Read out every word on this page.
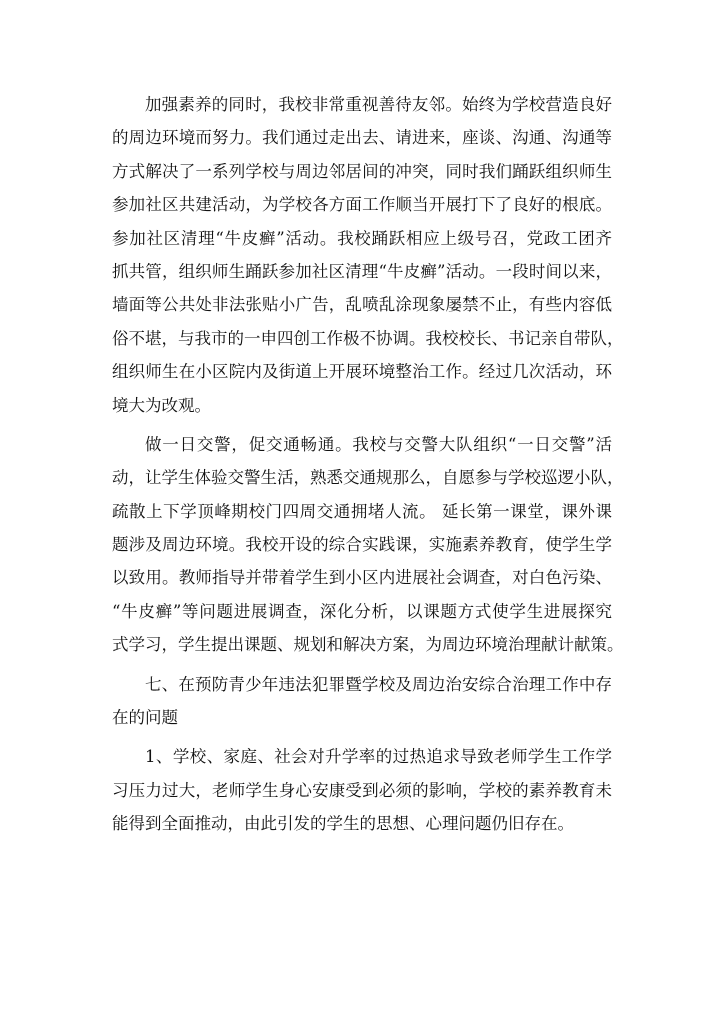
加强素养的同时，我校非常重视善待友邻。始终为学校营造良好
的周边环境而努力。我们通过走出去、请进来，座谈、沟通、沟通等
方式解决了一系列学校与周边邻居间的冲突，同时我们踊跃组织师生
参加社区共建活动，为学校各方面工作顺当开展打下了良好的根底。
参加社区清理“牛皮癣”活动。我校踊跃相应上级号召，党政工团齐
抓共管，组织师生踊跃参加社区清理“牛皮癣”活动。一段时间以来，
墙面等公共处非法张贴小广告，乱喷乱涂现象屡禁不止，有些内容低
俗不堪，与我市的一申四创工作极不协调。我校校长、书记亲自带队，
组织师生在小区院内及街道上开展环境整治工作。经过几次活动，环
境大为改观。
做一日交警，促交通畅通。我校与交警大队组织“一日交警”活
动，让学生体验交警生活，熟悉交通规那么，自愿参与学校巡逻小队，
疏散上下学顶峰期校门四周交通拥堵人流。 延长第一课堂，课外课
题涉及周边环境。我校开设的综合实践课，实施素养教育，使学生学
以致用。教师指导并带着学生到小区内进展社会调查，对白色污染、
“牛皮癣”等问题进展调查，深化分析，以课题方式使学生进展探究
式学习，学生提出课题、规划和解决方案，为周边环境治理献计献策。
七、在预防青少年违法犯罪暨学校及周边治安综合治理工作中存
在的问题
1、学校、家庭、社会对升学率的过热追求导致老师学生工作学
习压力过大，老师学生身心安康受到必须的影响，学校的素养教育未
能得到全面推动，由此引发的学生的思想、心理问题仍旧存在。
